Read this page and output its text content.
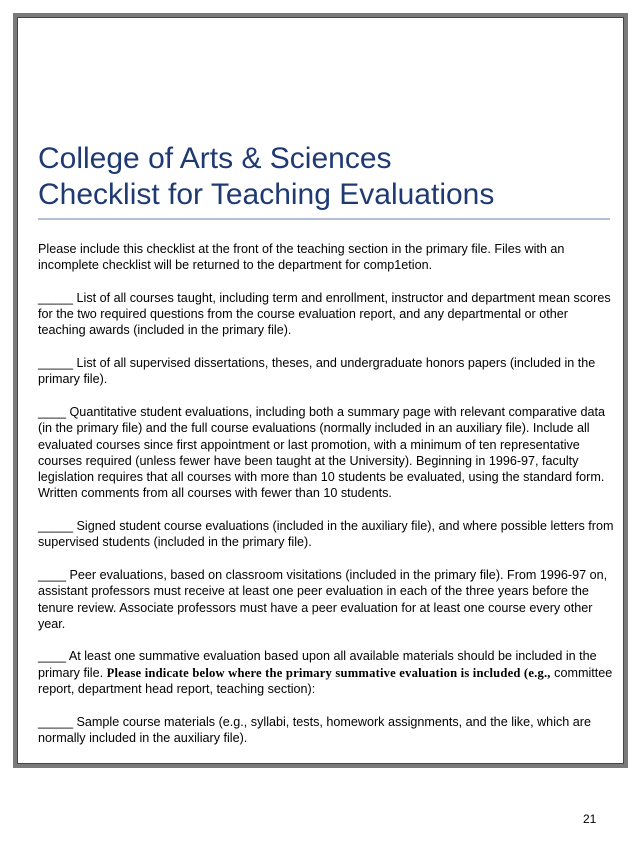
College of Arts & Sciences
Checklist for Teaching Evaluations

Please include this checklist at the front of the teaching section in the primary file. Files with an incomplete checklist will be returned to the department for comp1etion.

_____ List of all courses taught, including term and enrollment, instructor and department mean scores for the two required questions from the course evaluation report, and any departmental or other teaching awards (included in the primary file).

_____ List of all supervised dissertations, theses, and undergraduate honors papers (included in the primary file).

____ Quantitative student evaluations, including both a summary page with relevant comparative data (in the primary file) and the full course evaluations (normally included in an auxiliary file). Include all evaluated courses since first appointment or last promotion, with a minimum of ten representative courses required (unless fewer have been taught at the University). Beginning in 1996-97, faculty legislation requires that all courses with more than 10 students be evaluated, using the standard form. Written comments from all courses with fewer than 10 students.

_____ Signed student course evaluations (included in the auxiliary file), and where possible letters from supervised students (included in the primary file).

____ Peer evaluations, based on classroom visitations (included in the primary file). From 1996-97 on, assistant professors must receive at least one peer evaluation in each of the three years before the tenure review. Associate professors must have a peer evaluation for at least one course every other year.

____ At least one summative evaluation based upon all available materials should be included in the primary file. Please indicate below where the primary summative evaluation is included (e.g., committee report, department head report, teaching section):

_____ Sample course materials (e.g., syllabi, tests, homework assignments, and the like, which are normally included in the auxiliary file).

21
